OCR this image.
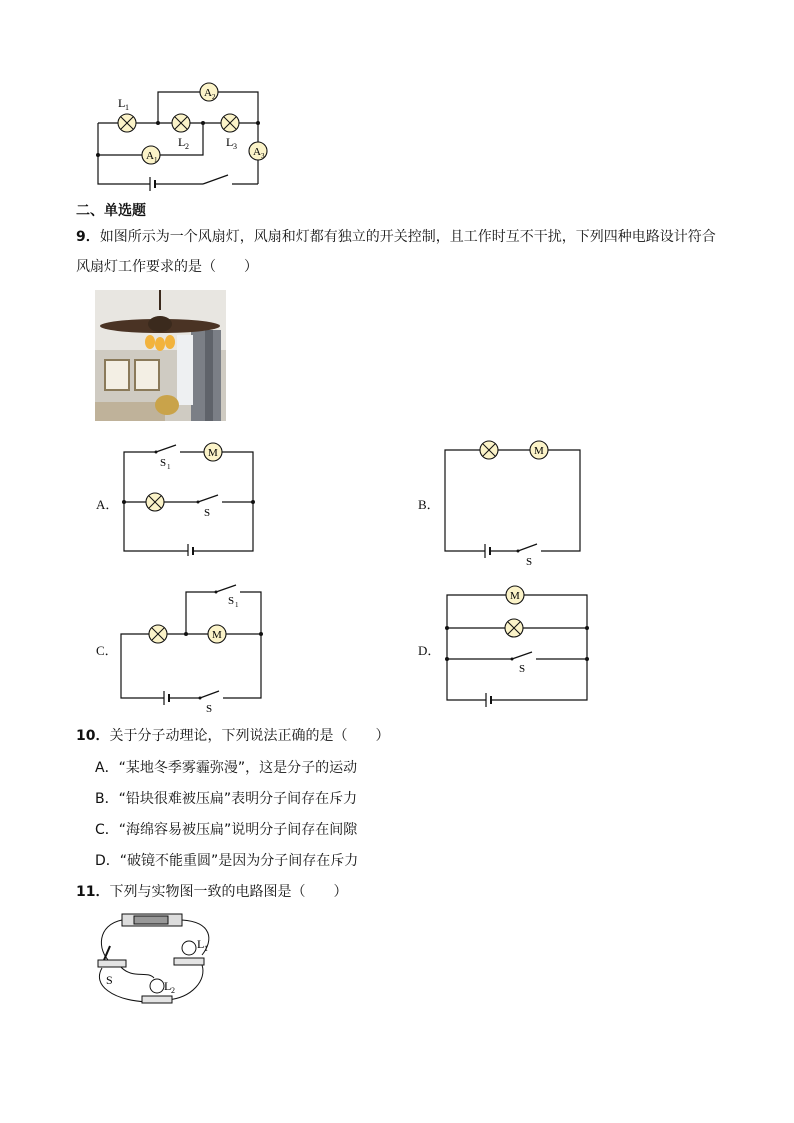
A 2
A 1
A 3
L 1
L 2	L 3
二、单选题
9．如图所示为一个风扇灯，风扇和灯都有独立的开关控制，且工作时互不干扰，下列四种电路设计符合
风扇灯工作要求的是（　　）
A．
M
S 1
S
B．
M
S
C．
M
S 1
S
D．
M
S
10．关于分子动理论，下列说法正确的是（　　）
A．“某地冬季雾霾弥漫”，这是分子的运动
B．“铅块很难被压扁”表明分子间存在斥力
C．“海绵容易被压扁”说明分子间存在间隙
D．“破镜不能重圆”是因为分子间存在斥力
11．下列与实物图一致的电路图是（　　）
S
L 1
L 2
